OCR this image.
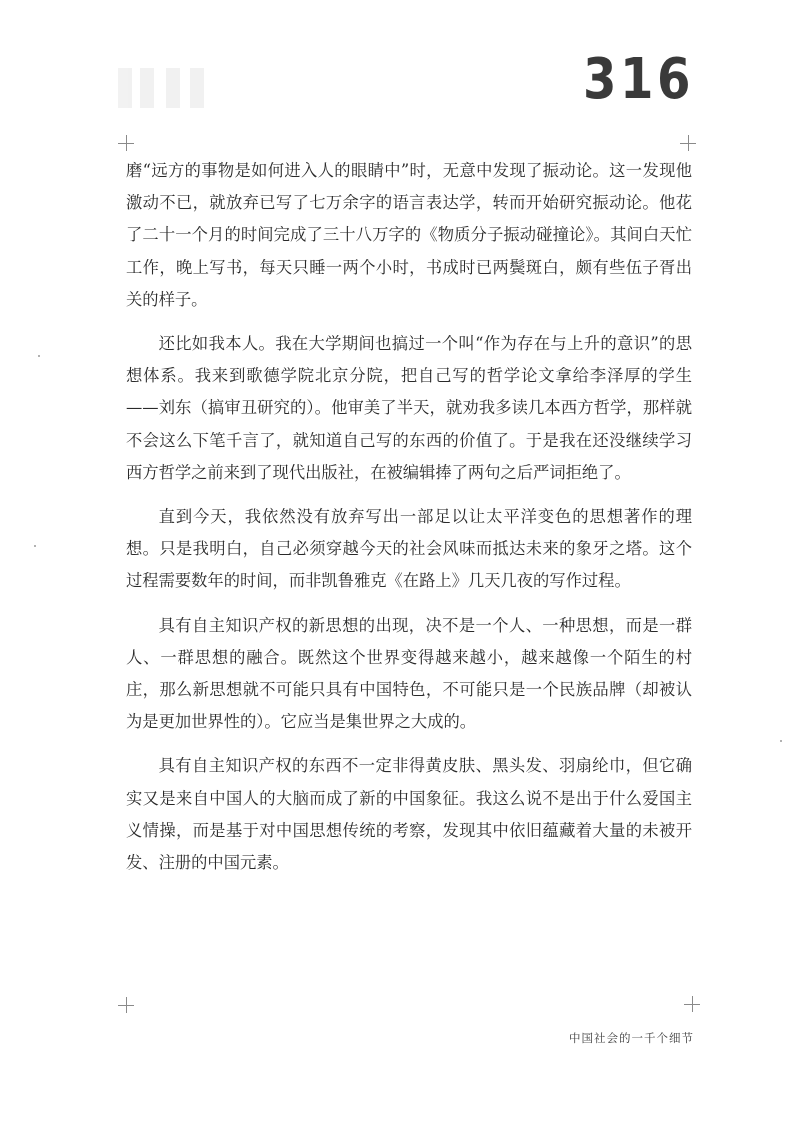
316

磨“远方的事物是如何进入人的眼睛中”时，无意中发现了振动论。这一发现他激动不已，就放弃已写了七万余字的语言表达学，转而开始研究振动论。他花了二十一个月的时间完成了三十八万字的《物质分子振动碰撞论》。其间白天忙工作，晚上写书，每天只睡一两个小时，书成时已两鬓斑白，颇有些伍子胥出关的样子。

还比如我本人。我在大学期间也搞过一个叫“作为存在与上升的意识”的思想体系。我来到歌德学院北京分院，把自己写的哲学论文拿给李泽厚的学生——刘东（搞审丑研究的）。他审美了半天，就劝我多读几本西方哲学，那样就不会这么下笔千言了，就知道自己写的东西的价值了。于是我在还没继续学习西方哲学之前来到了现代出版社，在被编辑捧了两句之后严词拒绝了。

直到今天，我依然没有放弃写出一部足以让太平洋变色的思想著作的理想。只是我明白，自己必须穿越今天的社会风味而抵达未来的象牙之塔。这个过程需要数年的时间，而非凯鲁雅克《在路上》几天几夜的写作过程。

具有自主知识产权的新思想的出现，决不是一个人、一种思想，而是一群人、一群思想的融合。既然这个世界变得越来越小，越来越像一个陌生的村庄，那么新思想就不可能只具有中国特色，不可能只是一个民族品牌（却被认为是更加世界性的）。它应当是集世界之大成的。

具有自主知识产权的东西不一定非得黄皮肤、黑头发、羽扇纶巾，但它确实又是来自中国人的大脑而成了新的中国象征。我这么说不是出于什么爱国主义情操，而是基于对中国思想传统的考察，发现其中依旧蕴藏着大量的未被开发、注册的中国元素。

中国社会的一千个细节
